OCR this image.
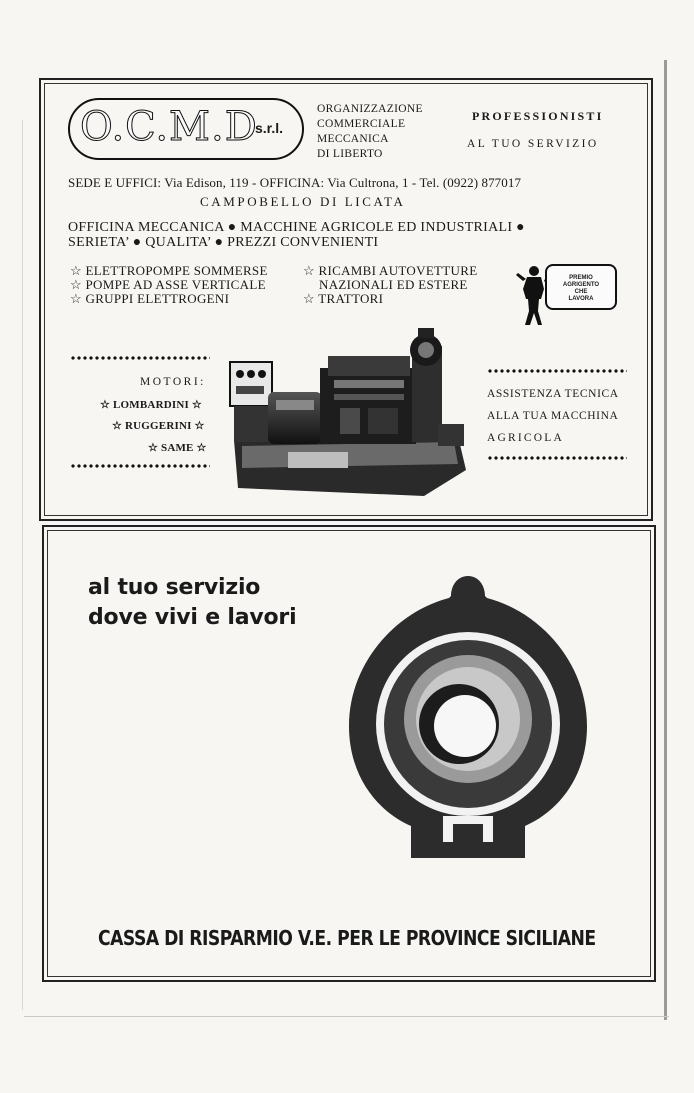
O.C.M.D
s.r.l.
ORGANIZZAZIONE
COMMERCIALE
MECCANICA
DI LIBERTO
PROFESSIONISTI
AL TUO SERVIZIO
SEDE E UFFICI: Via Edison, 119 - OFFICINA: Via Cultrona, 1 - Tel. (0922) 877017
CAMPOBELLO DI LICATA
OFFICINA MECCANICA ● MACCHINE AGRICOLE ED INDUSTRIALI ●
SERIETA’ ● QUALITA’ ● PREZZI CONVENIENTI
☆ ELETTROPOMPE SOMMERSE
☆ POMPE AD ASSE VERTICALE
☆ GRUPPI ELETTROGENI
☆ RICAMBI AUTOVETTURE
NAZIONALI ED ESTERE
☆ TRATTORI
PREMIO
AGRIGENTO
CHE
LAVORA
MOTORI:
☆ LOMBARDINI ☆
☆ RUGGERINI ☆
☆ SAME ☆
ASSISTENZA TECNICA
ALLA TUA MACCHINA
AGRICOLA
al tuo servizio
dove vivi e lavori
CASSA DI RISPARMIO V.E. PER LE PROVINCE SICILIANE
